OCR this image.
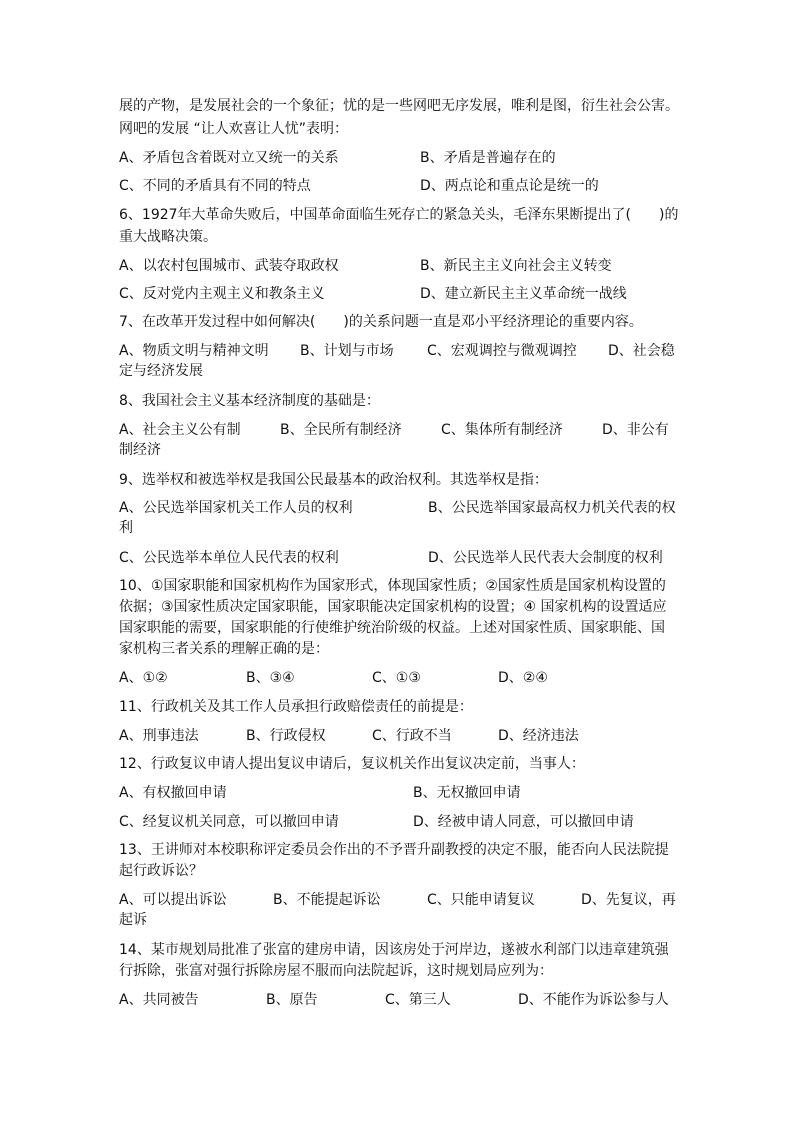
展的产物，是发展社会的一个象征；忧的是一些网吧无序发展，唯利是图，衍生社会公害。
网吧的发展 “让人欢喜让人忧”表明：
A、矛盾包含着既对立又统一的关系	B、矛盾是普遍存在的
C、不同的矛盾具有不同的特点	D、两点论和重点论是统一的
6、1927年大革命失败后，中国革命面临生死存亡的紧急关头，毛泽东果断提出了(　　)的
重大战略决策。
A、以农村包围城市、武装夺取政权	B、新民主主义向社会主义转变
C、反对党内主观主义和教条主义	D、建立新民主主义革命统一战线
7、在改革开发过程中如何解决(　　)的关系问题一直是邓小平经济理论的重要内容。
A、物质文明与精神文明 B、计划与市场 C、宏观调控与微观调控 D、社会稳
定与经济发展
8、我国社会主义基本经济制度的基础是：
A、社会主义公有制	B、全民所有制经济	C、集体所有制经济	D、非公有
制经济
9、选举权和被选举权是我国公民最基本的政治权利。其选举权是指：
A、公民选举国家机关工作人员的权利	B、公民选举国家最高权力机关代表的权
利
C、公民选举本单位人民代表的权利	D、公民选举人民代表大会制度的权利
10、①国家职能和国家机构作为国家形式，体现国家性质；②国家性质是国家机构设置的
依据；③国家性质决定国家职能，国家职能决定国家机构的设置；④ 国家机构的设置适应
国家职能的需要，国家职能的行使维护统治阶级的权益。上述对国家性质、国家职能、国
家机构三者关系的理解正确的是：
A、①②	B、③④	C、①③	D、②④
11、行政机关及其工作人员承担行政赔偿责任的前提是：
A、刑事违法	B、行政侵权	C、行政不当	D、经济违法
12、行政复议申请人提出复议申请后，复议机关作出复议决定前，当事人：
A、有权撤回申请	B、无权撤回申请
C、经复议机关同意，可以撤回申请	D、经被申请人同意，可以撤回申请
13、王讲师对本校职称评定委员会作出的不予晋升副教授的决定不服，能否向人民法院提
起行政诉讼？
A、可以提出诉讼	B、不能提起诉讼	C、只能申请复议	D、先复议，再
起诉
14、某市规划局批准了张富的建房申请，因该房处于河岸边，遂被水利部门以违章建筑强
行拆除，张富对强行拆除房屋不服而向法院起诉，这时规划局应列为：
A、共同被告	B、原告	C、第三人	D、不能作为诉讼参与人
